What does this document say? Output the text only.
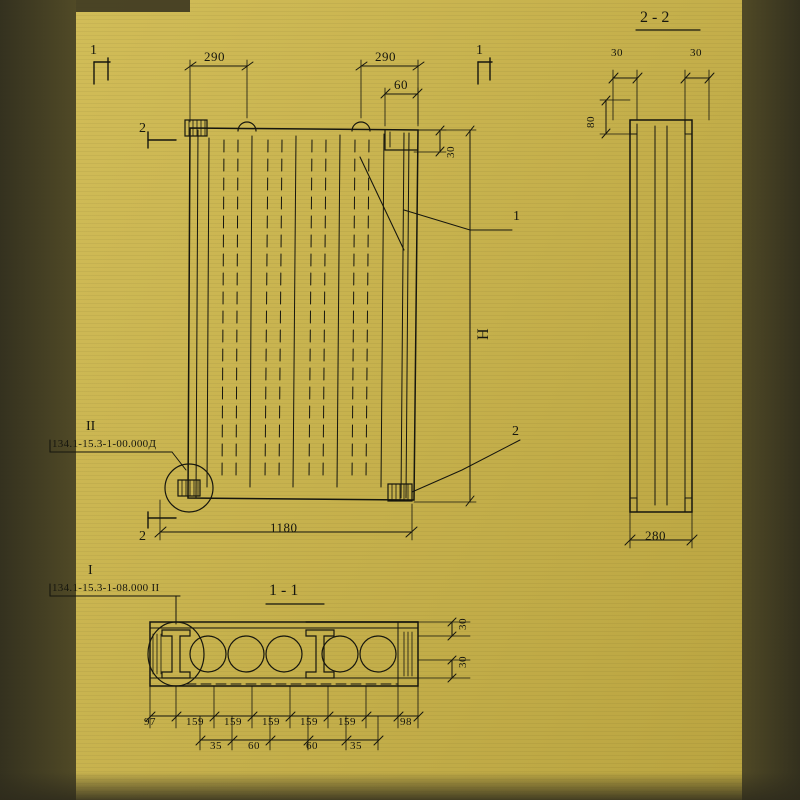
290	290
60
30
1180
H
1	1
2
2
1
2
II
134.1-15.3-1-00.000Д
I
134.1-15.3-1-08.000 II
2 - 2
1 - 1
30	30
80
280
30
30
97	159 159 159 159 159	98
35 60	60	35
